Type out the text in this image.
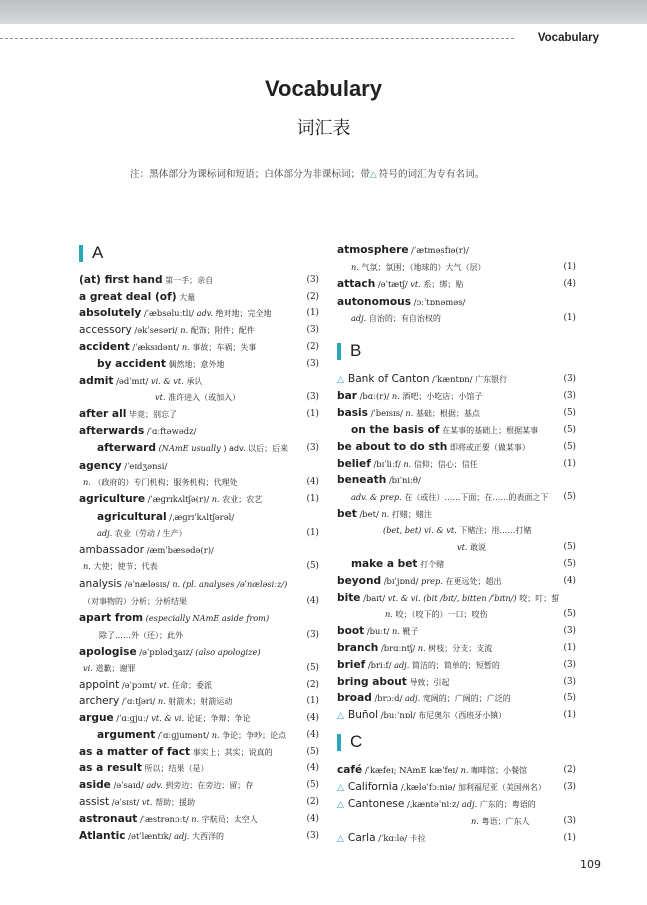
Vocabulary
Vocabulary
词汇表
注：黑体部分为课标词和短语；白体部分为非课标词；带△ 符号的词汇为专有名词。
A
B
C
(at) first hand 第一手；亲自	(3)
a great deal (of) 大量	(2)
absolutely /ˈæbsəluːtli/ adv. 绝对地；完全地	(1)
accessory /əkˈsesəri/ n. 配饰；附件；配件	(3)
accident /ˈæksɪdənt/ n. 事故；车祸；失事	(2)
by accident 偶然地；意外地	(3)
admit /ədˈmɪt/ vi. & vt. 承认
vt. 准许进入（或加入）	(3)
after all 毕竟；别忘了	(1)
afterwards /ˈɑːftəwədz/
afterward (NAmE usually ) adv. 以后；后来 (3)
agency /ˈeɪdʒənsi/
n. （政府的）专门机构；服务机构；代理处	(4)
agriculture /ˈæɡrɪkʌltʃə(r)/ n. 农业；农艺	(1)
agricultural /ˌæɡrɪˈkʌltʃərəl/
adj. 农业（劳动 / 生产）	(1)
ambassador /æmˈbæsədə(r)/
n. 大使；使节；代表	(5)
analysis /əˈnæləsɪs/ n. (pl. analyses /əˈnæləsiːz/)
（对事物的）分析；分析结果	(4)
apart from (especially NAmE aside from)
除了……外（还）；此外	(3)
apologise /əˈpɒlədʒaɪz/ (also apologize)
vi. 道歉；谢罪	(5)
appoint /əˈpɔɪnt/ vt. 任命；委派	(2)
archery /ˈɑːtʃəri/ n. 射箭术；射箭运动	(1)
argue /ˈɑːɡjuː/ vt. & vi. 论证；争辩；争论	(4)
argument /ˈɑːɡjumənt/ n. 争论；争吵；论点 (4)
as a matter of fact 事实上；其实；说真的	(5)
as a result 所以；结果（是）	(4)
aside /əˈsaɪd/ adv. 到旁边；在旁边；留；存	(5)
assist /əˈsɪst/ vt. 帮助；援助	(2)
astronaut /ˈæstrənɔːt/ n. 宇航员；太空人	(4)
Atlantic /ətˈlæntɪk/ adj. 大西洋的	(3)
atmosphere /ˈætməsfɪə(r)/
n. 气氛；氛围；（地球的）大气（层）	(1)
attach /əˈtætʃ/ vt. 系；绑；贴	(4)
autonomous /ɔːˈtɒnəməs/
adj. 自治的；有自治权的	(1)
△ Bank of Canton /ˈkæntɒn/ 广东银行	(3)
bar /bɑː(r)/ n. 酒吧；小吃店；小馆子	(3)
basis /ˈbeɪsɪs/ n. 基础；根据；基点	(5)
on the basis of 在某事的基础上；根据某事	(5)
be about to do sth 即将或正要（做某事）	(5)
belief /bɪˈliːf/ n. 信仰；信心；信任	(1)
beneath /bɪˈniːθ/
adv. & prep. 在（或往）……下面；在……的表面之下 (5)
bet /bet/ n. 打赌；赌注
(bet, bet) vi. & vt. 下赌注；用……打赌
vt. 敢说	(5)
make a bet 打个赌	(5)
beyond /bɪˈjɒnd/ prep. 在更远处；超出	(4)
bite /baɪt/ vt. & vi. (bit /bɪt/, bitten /ˈbɪtn/) 咬；叮；蜇
n. 咬；（咬下的）一口；咬伤	(5)
boot /buːt/ n. 靴子	(3)
branch /brɑːntʃ/ n. 树枝；分支；支流	(1)
brief /briːf/ adj. 简洁的；简单的；短暂的	(3)
bring about 导致；引起	(3)
broad /brɔːd/ adj. 宽阔的；广阔的；广泛的	(5)
△ Buñol /buːˈnɒl/ 布尼奥尔（西班牙小镇）	(1)
café /ˈkæfeɪ; NAmE kæˈfeɪ/ n. 咖啡馆；小餐馆	(2)
△ California /ˌkæləˈfɔːniə/ 加利福尼亚（美国州名） (3)
△ Cantonese /ˌkæntəˈniːz/ adj. 广东的；粤语的
n. 粤语；广东人	(3)
△ Carla /ˈkɑːlə/ 卡拉	(1)
109
